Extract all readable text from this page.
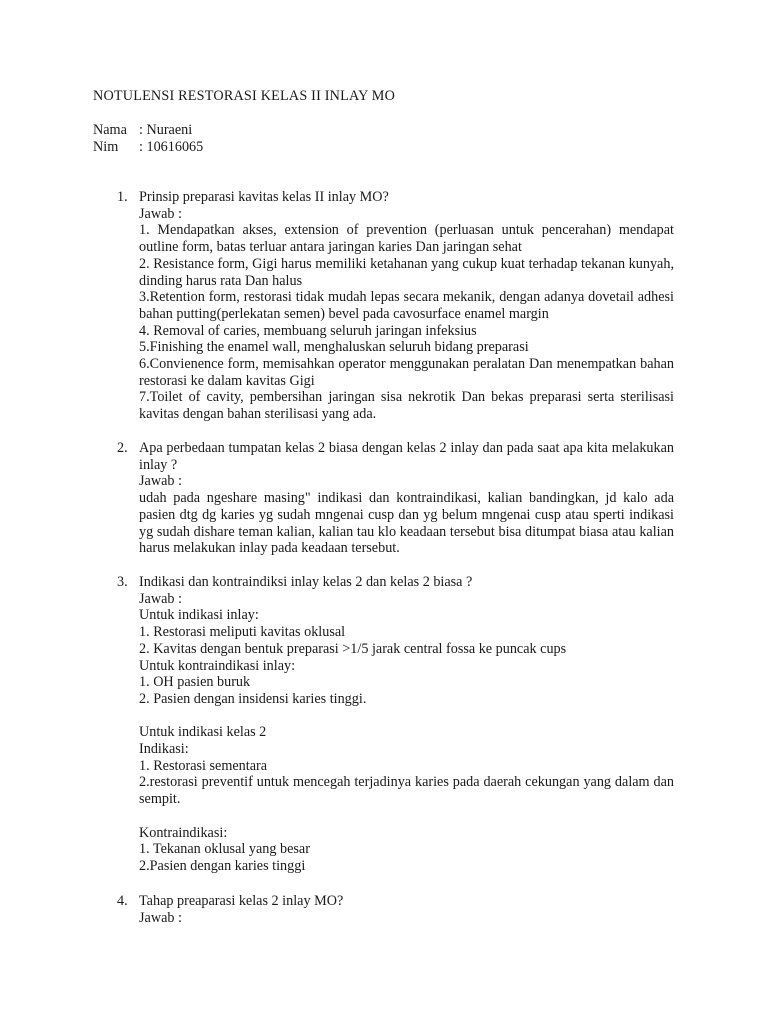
NOTULENSI RESTORASI KELAS II INLAY MO
Nama : Nuraeni
Nim : 10616065
1. Prinsip preparasi kavitas kelas II inlay MO?
Jawab :
1. Mendapatkan akses, extension of prevention (perluasan untuk pencerahan) mendapat outline form, batas terluar antara jaringan karies Dan jaringan sehat
2. Resistance form, Gigi harus memiliki ketahanan yang cukup kuat terhadap tekanan kunyah, dinding harus rata Dan halus
3.Retention form, restorasi tidak mudah lepas secara mekanik, dengan adanya dovetail adhesi bahan putting(perlekatan semen) bevel pada cavosurface enamel margin
4. Removal of caries, membuang seluruh jaringan infeksius
5.Finishing the enamel wall, menghaluskan seluruh bidang preparasi
6.Convienence form, memisahkan operator menggunakan peralatan Dan menempatkan bahan restorasi ke dalam kavitas Gigi
7.Toilet of cavity, pembersihan jaringan sisa nekrotik Dan bekas preparasi serta sterilisasi kavitas dengan bahan sterilisasi yang ada.
2. Apa perbedaan tumpatan kelas 2 biasa dengan kelas 2 inlay dan pada saat apa kita melakukan inlay ?
Jawab :
udah pada ngeshare masing" indikasi dan kontraindikasi, kalian bandingkan, jd kalo ada pasien dtg dg karies yg sudah mngenai cusp dan yg belum mngenai cusp atau sperti indikasi yg sudah dishare teman kalian, kalian tau klo keadaan tersebut bisa ditumpat biasa atau kalian harus melakukan inlay pada keadaan tersebut.
3. Indikasi dan kontraindiksi inlay kelas 2 dan kelas 2 biasa ?
Jawab :
Untuk indikasi inlay:
1. Restorasi meliputi kavitas oklusal
2. Kavitas dengan bentuk preparasi >1/5 jarak central fossa ke puncak cups
Untuk kontraindikasi inlay:
1. OH pasien buruk
2. Pasien dengan insidensi karies tinggi.
Untuk indikasi kelas 2
Indikasi:
1. Restorasi sementara
2.restorasi preventif untuk mencegah terjadinya karies pada daerah cekungan yang dalam dan sempit.
Kontraindikasi:
1. Tekanan oklusal yang besar
2.Pasien dengan karies tinggi
4. Tahap preaparasi kelas 2 inlay MO?
Jawab :
